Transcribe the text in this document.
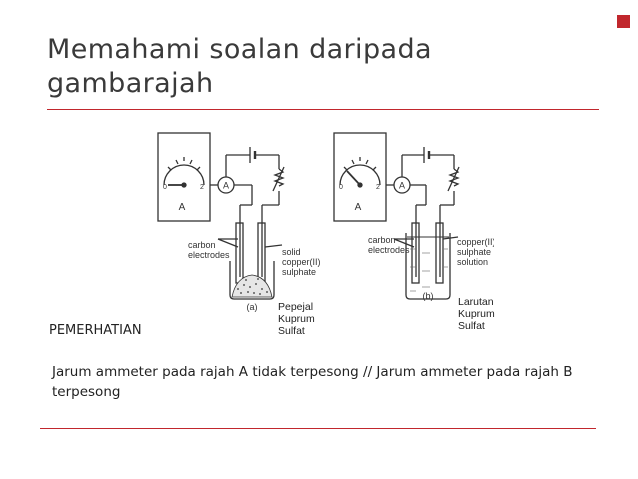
Memahami soalan daripada gambarajah
A
0	2 A
carbon
electrodes	solid
copper(II)
sulphate
(a)
A
0	2 A
carbon
electrodes
copper(II)
sulphate
solution
(b)
Pepejal
Kuprum
Sulfat
Larutan
Kuprum
Sulfat
PEMERHATIAN
Jarum ammeter pada rajah A tidak terpesong // Jarum ammeter pada rajah B terpesong
